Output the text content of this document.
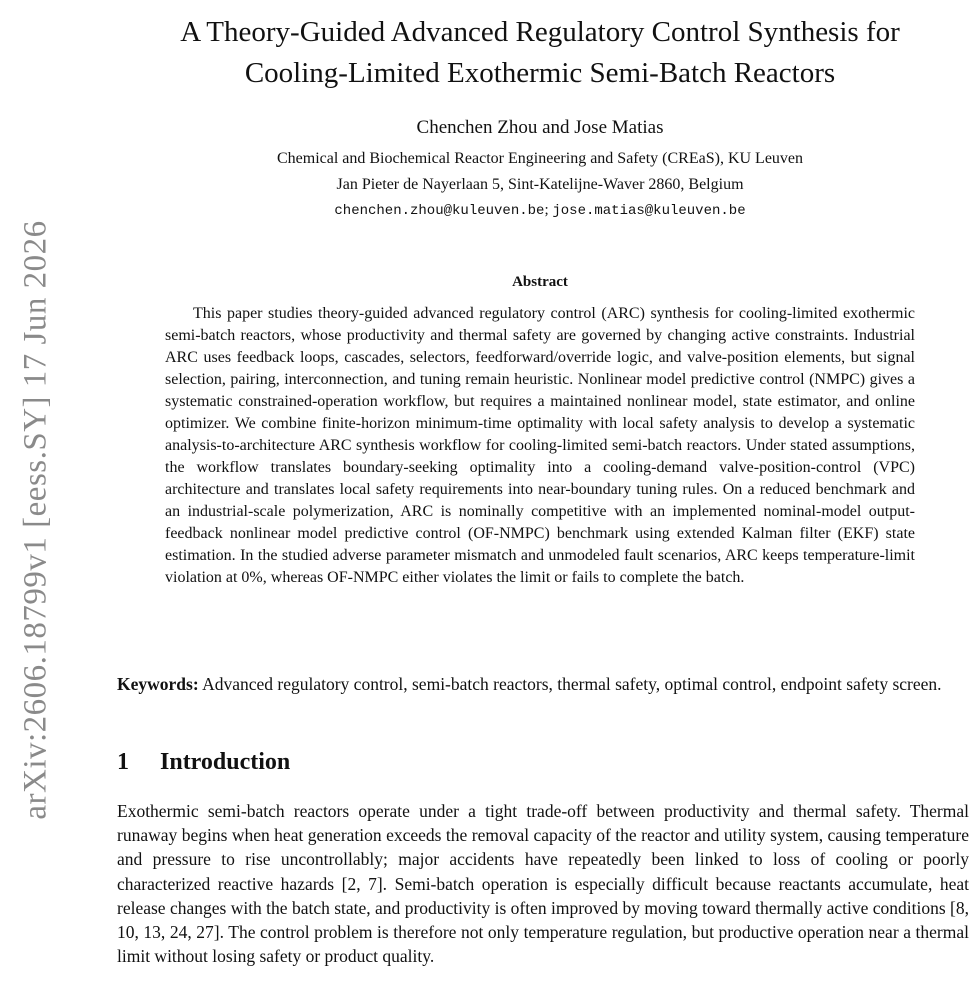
arXiv:2606.18799v1 [eess.SY] 17 Jun 2026
A Theory-Guided Advanced Regulatory Control Synthesis for
Cooling-Limited Exothermic Semi-Batch Reactors
Chenchen Zhou and Jose Matias
Chemical and Biochemical Reactor Engineering and Safety (CREaS), KU Leuven
Jan Pieter de Nayerlaan 5, Sint-Katelijne-Waver 2860, Belgium
chenchen.zhou@kuleuven.be; jose.matias@kuleuven.be
Abstract

This paper studies theory-guided advanced regulatory control (ARC) synthesis for cooling-limited exothermic semi-batch reactors, whose productivity and thermal safety are governed by changing active constraints. Industrial ARC uses feedback loops, cascades, selectors, feedforward/override logic, and valve-position elements, but signal selection, pairing, interconnection, and tuning remain heuristic. Nonlinear model predictive control (NMPC) gives a systematic constrained-operation workflow, but requires a maintained nonlinear model, state estimator, and online optimizer. We combine finite-horizon minimum-time optimality with local safety analysis to develop a systematic analysis-to-architecture ARC synthesis workflow for cooling-limited semi-batch reactors. Under stated assumptions, the workflow translates boundary-seeking optimality into a cooling-demand valve-position-control (VPC) architecture and translates local safety requirements into near-boundary tuning rules. On a reduced benchmark and an industrial-scale polymerization, ARC is nominally competitive with an implemented nominal-model output-feedback nonlinear model predictive control (OF-NMPC) benchmark using extended Kalman filter (EKF) state estimation. In the studied adverse parameter mismatch and unmodeled fault scenarios, ARC keeps temperature-limit violation at 0%, whereas OF-NMPC either violates the limit or fails to complete the batch.

Keywords: Advanced regulatory control, semi-batch reactors, thermal safety, optimal control, endpoint safety screen.

1 Introduction

Exothermic semi-batch reactors operate under a tight trade-off between productivity and thermal safety. Thermal runaway begins when heat generation exceeds the removal capacity of the reactor and utility system, causing temperature and pressure to rise uncontrollably; major accidents have repeatedly been linked to loss of cooling or poorly characterized reactive hazards [2, 7]. Semi-batch operation is especially difficult because reactants accumulate, heat release changes with the batch state, and productivity is often improved by moving toward thermally active conditions [8, 10, 13, 24, 27]. The control problem is therefore not only temperature regulation, but productive operation near a thermal limit without losing safety or product quality.
